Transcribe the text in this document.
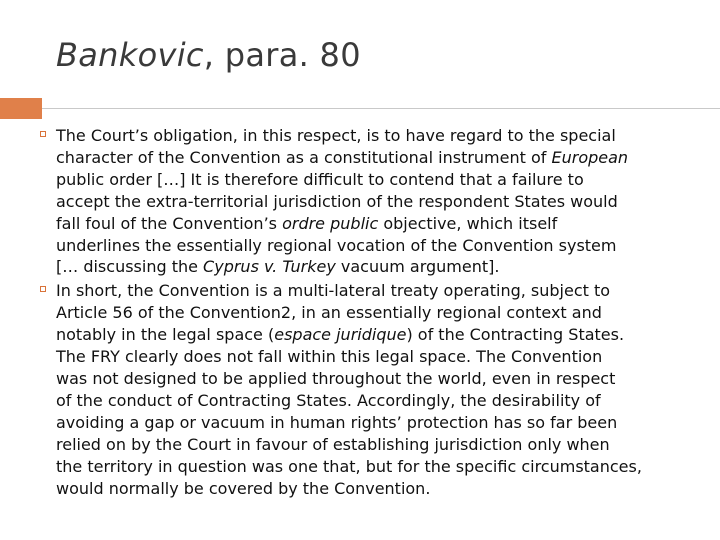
Bankovic, para. 80
The Court’s obligation, in this respect, is to have regard to the special
character of the Convention as a constitutional instrument of European
public order […] It is therefore difficult to contend that a failure to
accept the extra-territorial jurisdiction of the respondent States would
fall foul of the Convention’s ordre public objective, which itself
underlines the essentially regional vocation of the Convention system
[… discussing the Cyprus v. Turkey vacuum argument].
In short, the Convention is a multi-lateral treaty operating, subject to
Article 56 of the Convention2, in an essentially regional context and
notably in the legal space (espace juridique) of the Contracting States.
The FRY clearly does not fall within this legal space. The Convention
was not designed to be applied throughout the world, even in respect
of the conduct of Contracting States. Accordingly, the desirability of
avoiding a gap or vacuum in human rights’ protection has so far been
relied on by the Court in favour of establishing jurisdiction only when
the territory in question was one that, but for the specific circumstances,
would normally be covered by the Convention.
